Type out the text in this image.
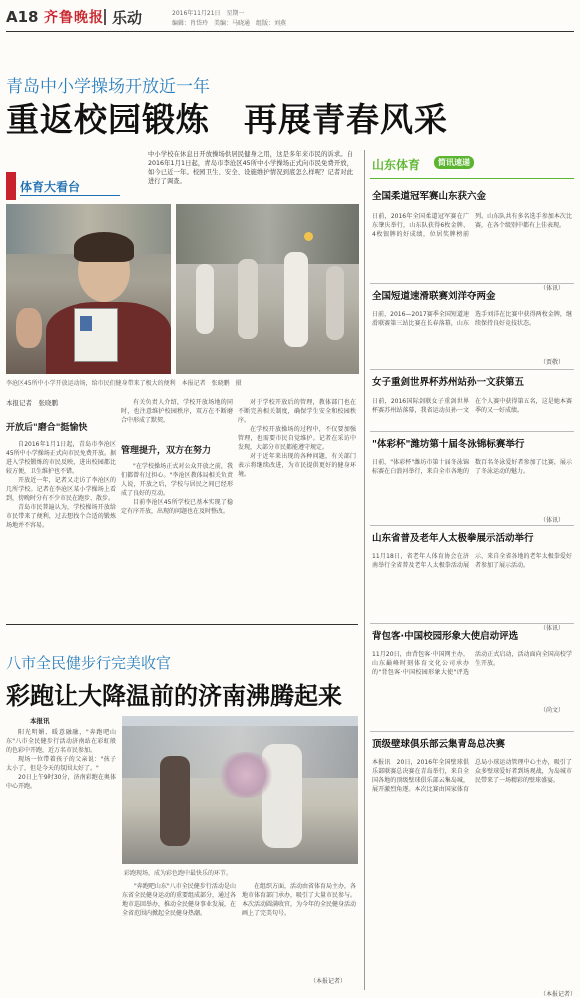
A18 齐鲁晚报 乐动	2016年11月21日　星期一
编辑：肖岱玲　美编：马晓通　组版：刘燕
青岛中小学操场开放近一年
重返校园锻炼　再展青春风采
体育大看台
中小学校在休息日开放操场供居民健身之用，这是多年来市民的诉求。自2016年1月1日起，青岛市李沧区45所中小学操场正式向市民免费开放，如今已近一年。校园卫生、安全、设施维护情况到底怎么样呢？记者对此进行了调查。
李沧区45所中小学开放运动场，给市民们健身带来了极大的便利　本报记者　张晓鹏　摄
本报记者　张晓鹏
开放后"磨合"挺愉快

自2016年1月1日起，青岛市李沧区45所中小学操场正式向市民免费开放。据进入学校锻炼的市民反映，进出校园都比较方便，卫生维护也不错。

开放近一年，记者又走访了李沧区的几所学校。记者在李沧区某小学操场上看到，傍晚时分有不少市民在跑步、散步。

青岛市民普遍认为，学校操场开放给市民带来了便利，过去想找个合适的锻炼场地并不容易。

有关负责人介绍，学校开放场地的同时，也注意维护校园秩序，双方在不断磨合中形成了默契。

管理提升，双方在努力

"在学校操场正式对公众开放之前，我们都曾有过担心。"李沧区教体局相关负责人说，开放之后，学校与居民之间已经形成了良好的互动。

目前李沧区45所学校已基本实现了稳定有序开放，出现的问题也在及时整改。

对于学校开放后的管理，教体部门也在不断完善相关制度，确保学生安全和校园秩序。

在学校开放操场的过程中，不仅要加强管理，也需要市民自觉维护。记者在采访中发现，大部分市民都能遵守规定。

对于近年来出现的各种问题，有关部门表示将继续改进，为市民提供更好的健身环境。

八市全民健步行完美收官
彩跑让大降温前的济南沸腾起来
本报讯

阳光明媚、暖意融融，"奔跑吧山东"八市全民健步行活动济南站在彩虹般的色彩中开跑，近万名市民参加。

现场一位带着孩子的父亲说："孩子太小了，但是今天的氛围太好了。"

20日上午9时30分，济南彩跑在奥体中心开跑。

彩跑现场，成为彩色跑中最快乐的环节。

"奔跑吧山东"八市全民健步行活动是山东省全民健身运动的重要组成部分，通过各地市巡回举办，推动全民健身事业发展，在全省范围内掀起全民健身热潮。

在组织方面，活动由省体育局主办，各地市体育部门承办，吸引了大量市民参与。本次活动圆满收官，为今年的全民健身活动画上了完美句号。

（本报记者）
山东体育	简讯速递
全国柔道冠军赛山东获六金
日前，2016年全国柔道冠军赛在广东肇庆举行，山东队获得6枚金牌、4枚银牌的好成绩，位居奖牌榜前列。山东队共有多名选手参加本次比赛，在各个级别中都有上佳表现。
（体讯）
全国短道速滑联赛刘洋夺两金
日前，2016—2017赛季全国短道速滑联赛第三站比赛在长春落幕，山东选手刘洋在比赛中获得两枚金牌，继续保持良好竞技状态。
（贾敬）
女子重剑世界杯苏州站孙一文获第五
日前，2016国际剑联女子重剑世界杯赛苏州站落幕，我省运动员孙一文在个人赛中获得第五名，这是她本赛季的又一好成绩。
"体彩杯"潍坊第十届冬泳锦标赛举行
日前，"体彩杯"潍坊市第十届冬泳锦标赛在白浪河举行，来自全市各地的数百名冬泳爱好者参加了比赛，展示了冬泳运动的魅力。
（体讯）
山东省普及老年人太极拳展示活动举行
11月18日，省老年人体育协会在济南举行全省普及老年人太极拳活动展示，来自全省各地的老年太极拳爱好者参加了展示活动。
（体讯）
背包客·中国校园形象大使启动评选
11月20日，由背包客·中国网主办，山东巅峰时刻体育文化公司承办的"背包客·中国校园形象大使"评选活动正式启动，活动面向全国高校学生开放。
（尚文）
顶级壁球俱乐部云集青岛总决赛
本报讯　20日，2016年全国壁球俱乐部联赛总决赛在青岛举行，来自全国各地的顶级壁球俱乐部云集岛城，展开激烈角逐。本次比赛由国家体育总局小球运动管理中心主办，吸引了众多壁球爱好者到场观战，为岛城市民带来了一场精彩的壁球盛宴。
（本报记者）
